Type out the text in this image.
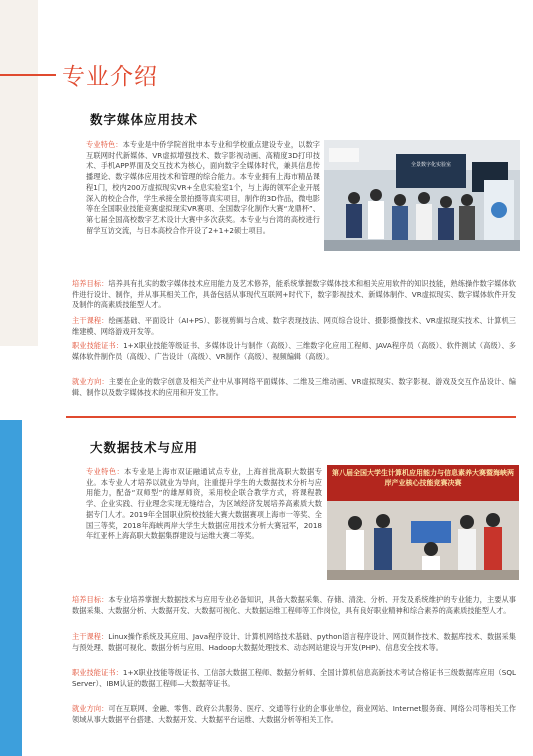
专业介绍
数字媒体应用技术
全景数字化实验室

专业特色：本专业是中侨学院首批申本专业和学校重点建设专业，以数字互联网时代新媒体、VR虚拟增强技术、数字影视动画、高精度3D打印技术、手机APP界面及交互技术为核心，面向数字全媒体时代，兼具信息传播理论、数字媒体应用技术和管理的综合能力。本专业拥有上海市精品课程1门，校内200万虚拟现实VR+全息实验室1个，与上海的领军企业开展深入的校企合作，学生承接全景拍摄等真实项目，制作的3D作品，微电影等在全国职业技能竞赛虚拟现实VR赛项、全国数字化制作大赛“龙鼎杯”、第七届全国高校数字艺术设计大赛中多次获奖。本专业与台湾的高校进行留学互访交流，与日本高校合作开设了2+1+2硕士项目。

培养目标：培养具有扎实的数字媒体技术应用能力及艺术修养，能系统掌握数字媒体技术和相关应用软件的知识技能，熟练操作数字媒体软件进行设计、制作，并从事其相关工作，具备包括从事现代互联网+时代下，数字影视技术、新媒体制作、VR虚拟现实、数字媒体软件开发及制作的高素质技能型人才。

主干课程：绘画基础、平面设计（AI+PS）、影视剪辑与合成、数字表现技法、网页综合设计、摄影摄像技术、VR虚拟现实技术、计算机三维建模、网络游戏开发等。

职业技能证书：1+X职业技能等级证书、多媒体设计与制作（高级）、三维数字化应用工程师、JAVA程序员（高级）、软件测试（高级）、多媒体软件制作员（高级）、广告设计（高级）、VR制作（高级）、视频编辑（高级）。

就业方向：主要在企业的数字创意及相关产业中从事网络平面媒体、二维及三维动画、VR虚拟现实、数字影视、游戏及交互作品设计、编辑、制作以及数字媒体技术的应用和开发工作。

大数据技术与应用
第八届全国大学生计算机应用能力与信息素养大赛暨海峡两岸产业核心技能竞赛决赛

专业特色：本专业是上海市双证融通试点专业，上海首批高职大数据专业。本专业人才培养以就业为导向，注重提升学生的大数据技术分析与应用能力，配备“双师型”的雄厚师资，采用校企联合教学方式，将课程教学、企业实践、行业理念实现无缝结合，为区域经济发展培养高素质大数据专门人才。2019年全国职业院校技能大赛大数据赛项上海市一等奖、全国三等奖，2018年海峡两岸大学生大数据应用技术分析大赛冠军，2018年红亚杯上海高职大数据集群建设与运维大赛二等奖。

培养目标：本专业培养掌握大数据技术与应用专业必备知识，具备大数据采集、存储、清洗、分析、开发及系统维护的专业能力，主要从事数据采集、大数据分析、大数据开发、大数据可视化、大数据运维工程师等工作岗位，具有良好职业精神和综合素养的高素质技能型人才。

主干课程：Linux操作系统及其应用、Java程序设计、计算机网络技术基础、python语言程序设计、网页制作技术、数据库技术、数据采集与预处理、数据可视化、数据分析与应用、Hadoop大数据处理技术、动态网站建设与开发(PHP)、信息安全技术等。

职业技能证书：1+X职业技能等级证书、工信部大数据工程师、数据分析师、全国计算机信息高新技术考试合格证书三级数据库应用（SQL Server）、IBM认证的数据工程师—大数据等证书。

就业方向：可在互联网、金融、零售、政府公共服务、医疗、交通等行业的企事业单位，商业网站、Internet服务商、网络公司等相关工作领域从事大数据平台搭建、大数据开发、大数据平台运维、大数据分析等相关工作。
